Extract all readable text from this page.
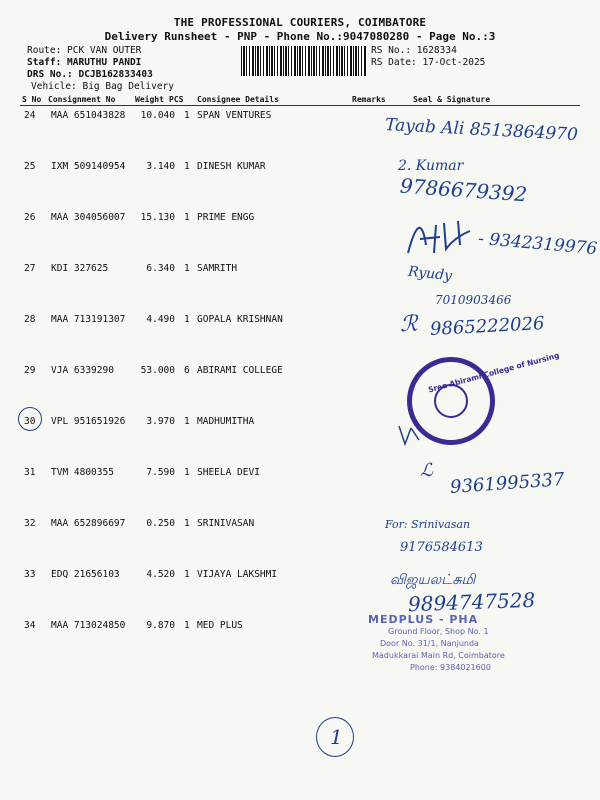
THE PROFESSIONAL COURIERS, COIMBATORE
Delivery Runsheet - PNP - Phone No.:9047080280 - Page No.:3
Route: PCK VAN OUTER
Staff: MARUTHU PANDI
DRS No.: DCJB162833403
Vehicle: Big Bag Delivery
RS No.: 1628334
RS Date: 17-Oct-2025
S No Consignment No Weight PCS Consignee Details	Remarks	Seal & Signature
24 MAA 651043828	10.040 1 SPAN VENTURES
25 IXM 509140954	3.140 1 DINESH KUMAR
26 MAA 304056007	15.130 1 PRIME ENGG
27 KDI 327625	6.340 1 SAMRITH
28 MAA 713191307	4.490 1 GOPALA KRISHNAN
29 VJA 6339290	53.000 6 ABIRAMI COLLEGE
30 VPL 951651926	3.970 1 MADHUMITHA
31 TVM 4800355	7.590 1 SHEELA DEVI
32 MAA 652896697	0.250 1 SRINIVASAN
33 EDQ 21656103	4.520 1 VIJAYA LAKSHMI
34 MAA 713024850	9.870 1 MED PLUS
Tayab Ali 8513864970
2. Kumar
9786679392
- 9342319976
Ryudy
7010903466
ℛ 9865222026
Sree Abirami College of Nursing
ℒ 9361995337
For: Srinivasan
9176584613
விஜயலட்சுமி
9894747528
MEDPLUS - PHA
Ground Floor, Shop No. 1
Door No. 31/1, Nanjunda
Madukkarai Main Rd, Coimbatore
Phone: 9384021600
1
